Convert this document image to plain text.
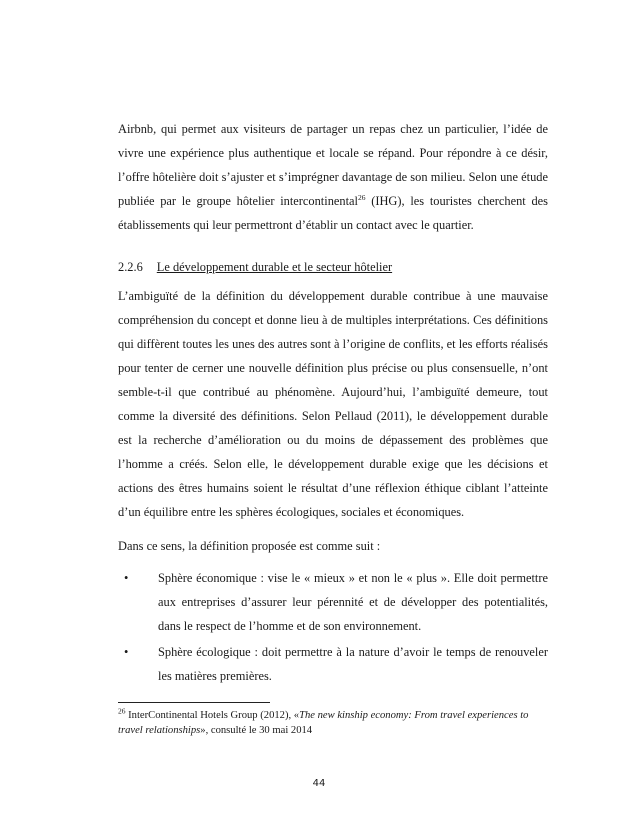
Airbnb, qui permet aux visiteurs de partager un repas chez un particulier, l’idée de vivre une expérience plus authentique et locale se répand. Pour répondre à ce désir, l’offre hôtelière doit s’ajuster et s’imprégner davantage de son milieu. Selon une étude publiée par le groupe hôtelier intercontinental$^{26}$ (IHG), les touristes cherchent des établissements qui leur permettront d’établir un contact avec le quartier.

2.2.6 Le développement durable et le secteur hôtelier

L’ambiguïté de la définition du développement durable contribue à une mauvaise compréhension du concept et donne lieu à de multiples interprétations. Ces définitions qui diffèrent toutes les unes des autres sont à l’origine de conflits, et les efforts réalisés pour tenter de cerner une nouvelle définition plus précise ou plus consensuelle, n’ont semble-t-il que contribué au phénomène. Aujourd’hui, l’ambiguïté demeure, tout comme la diversité des définitions. Selon Pellaud (2011), le développement durable est la recherche d’amélioration ou du moins de dépassement des problèmes que l’homme a créés. Selon elle, le développement durable exige que les décisions et actions des êtres humains soient le résultat d’une réflexion éthique ciblant l’atteinte d’un équilibre entre les sphères écologiques, sociales et économiques.

Dans ce sens, la définition proposée est comme suit :

• Sphère économique : vise le « mieux » et non le « plus ». Elle doit permettre aux entreprises d’assurer leur pérennité et de développer des potentialités, dans le respect de l’homme et de son environnement.

• Sphère écologique : doit permettre à la nature d’avoir le temps de renouveler les matières premières.

$^{26}$ InterContinental Hotels Group (2012), «The new kinship economy: From travel experiences to travel relationships», consulté le 30 mai 2014

44
